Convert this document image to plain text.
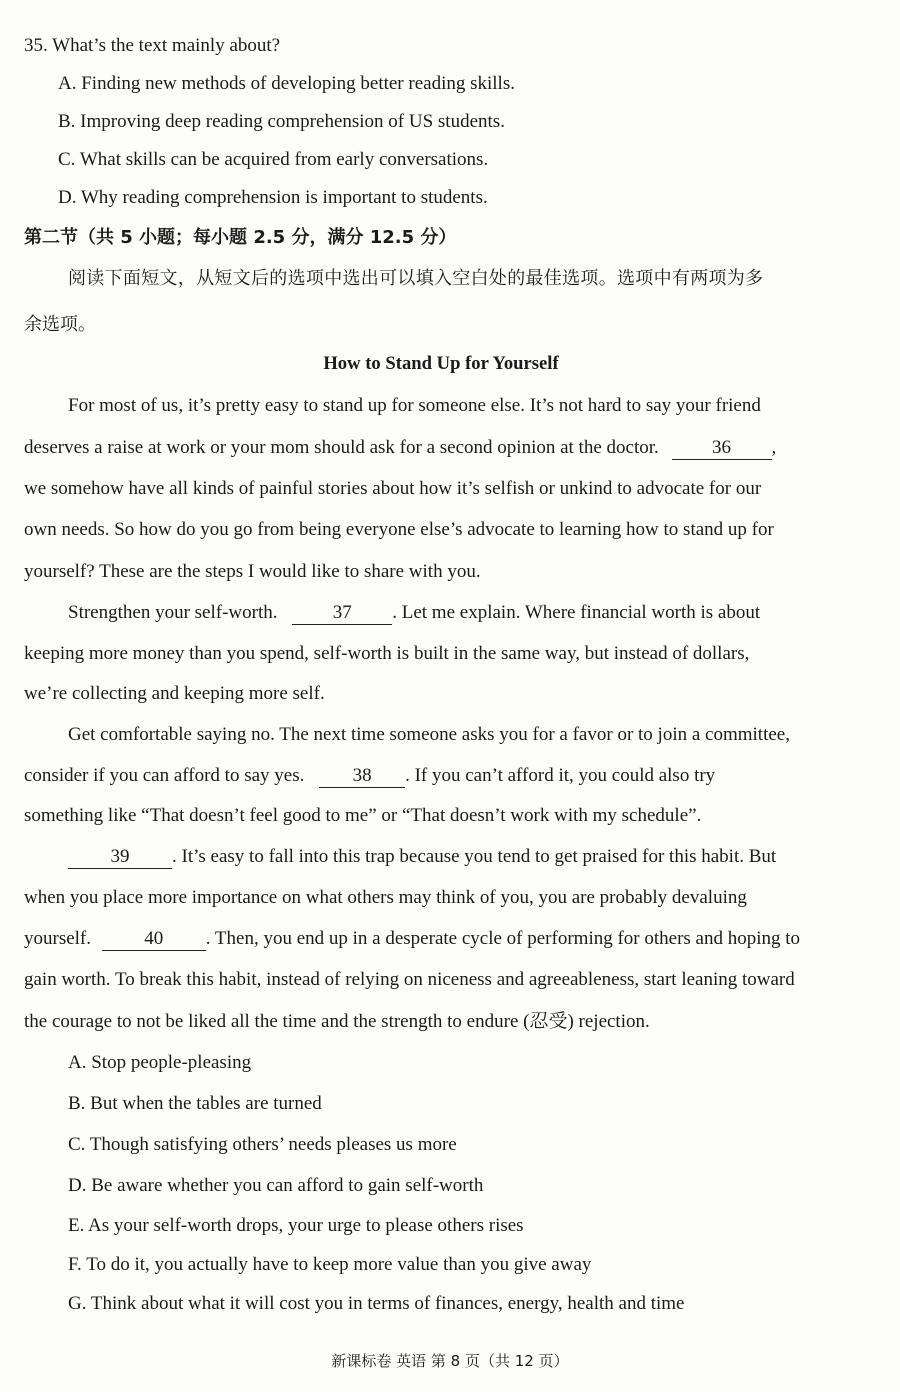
35. What’s the text mainly about?
A. Finding new methods of developing better reading skills.
B. Improving deep reading comprehension of US students.
C. What skills can be acquired from early conversations.
D. Why reading comprehension is important to students.
第二节（共 5 小题；每小题 2.5 分，满分 12.5 分）
阅读下面短文，从短文后的选项中选出可以填入空白处的最佳选项。选项中有两项为多
余选项。
How to Stand Up for Yourself
For most of us, it’s pretty easy to stand up for someone else. It’s not hard to say your friend
deserves a raise at work or your mom should ask for a second opinion at the doctor.	36 ,
we somehow have all kinds of painful stories about how it’s selfish or unkind to advocate for our
own needs. So how do you go from being everyone else’s advocate to learning how to stand up for
yourself? These are the steps I would like to share with you.
Strengthen your self-worth.	37 . Let me explain. Where financial worth is about
keeping more money than you spend, self-worth is built in the same way, but instead of dollars,
we’re collecting and keeping more self.
Get comfortable saying no. The next time someone asks you for a favor or to join a committee,
consider if you can afford to say yes.	38 . If you can’t afford it, you could also try
something like “That doesn’t feel good to me” or “That doesn’t work with my schedule”.
39 . It’s easy to fall into this trap because you tend to get praised for this habit. But
when you place more importance on what others may think of you, you are probably devaluing
yourself.	40 . Then, you end up in a desperate cycle of performing for others and hoping to
gain worth. To break this habit, instead of relying on niceness and agreeableness, start leaning toward
the courage to not be liked all the time and the strength to endure (忍受) rejection.
A. Stop people-pleasing
B. But when the tables are turned
C. Though satisfying others’ needs pleases us more
D. Be aware whether you can afford to gain self-worth
E. As your self-worth drops, your urge to please others rises
F. To do it, you actually have to keep more value than you give away
G. Think about what it will cost you in terms of finances, energy, health and time
新课标卷 英语 第 8 页（共 12 页）
